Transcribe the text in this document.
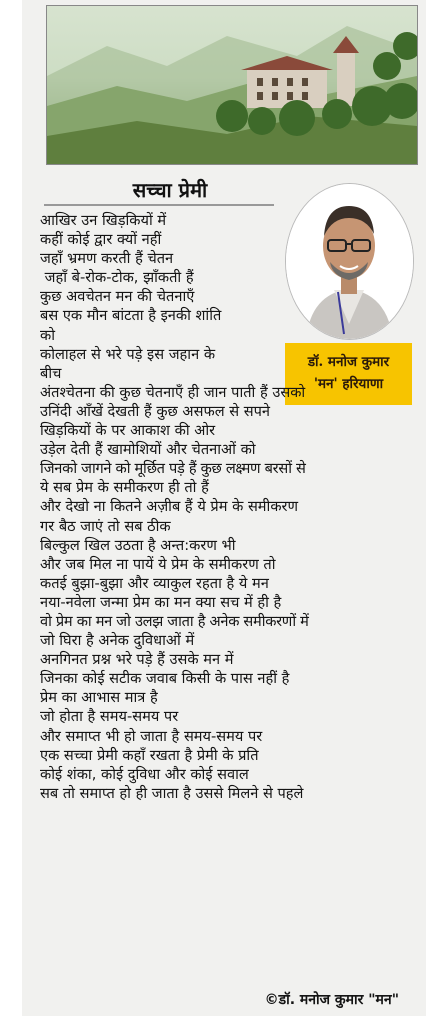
सच्चा प्रेमी
डॉ. मनोज कुमार
'मन' हरियाणा
आखिर उन खिड़कियों में
कहीं कोई द्वार क्यों नहीं
जहाँ भ्रमण करती हैं चेतन
जहाँ बे-रोक-टोक, झाँकती हैं
कुछ अवचेतन मन की चेतनाएँ
बस एक मौन बांटता है इनकी शांति
को
कोलाहल से भरे पड़े इस जहान के
बीच
अंतश्चेतना की कुछ चेतनाएँ ही जान पाती हैं उसको
उनिंदी आँखें देखती हैं कुछ असफल से सपने
खिड़कियों के पर आकाश की ओर
उड़ेल देती हैं खामोशियों और चेतनाओं को
जिनको जागने को मूर्छित पड़े हैं कुछ लक्ष्मण बरसों से
ये सब प्रेम के समीकरण ही तो हैं
और देखो ना कितने अज़ीब हैं ये प्रेम के समीकरण
गर बैठ जाएं तो सब ठीक
बिल्कुल खिल उठता है अन्त:करण भी
और जब मिल ना पायें ये प्रेम के समीकरण तो
कतई बुझा-बुझा और व्याकुल रहता है ये मन
नया-नवेला जन्मा प्रेम का मन क्या सच में ही है
वो प्रेम का मन जो उलझ जाता है अनेक समीकरणों में
जो घिरा है अनेक दुविधाओं में
अनगिनत प्रश्न भरे पड़े हैं उसके मन में
जिनका कोई सटीक जवाब किसी के पास नहीं है
प्रेम का आभास मात्र है
जो होता है समय-समय पर
और समाप्त भी हो जाता है समय-समय पर
एक सच्चा प्रेमी कहाँ रखता है प्रेमी के प्रति
कोई शंका, कोई दुविधा और कोई सवाल
सब तो समाप्त हो ही जाता है उससे मिलने से पहले
©डॉ. मनोज कुमार "मन"
